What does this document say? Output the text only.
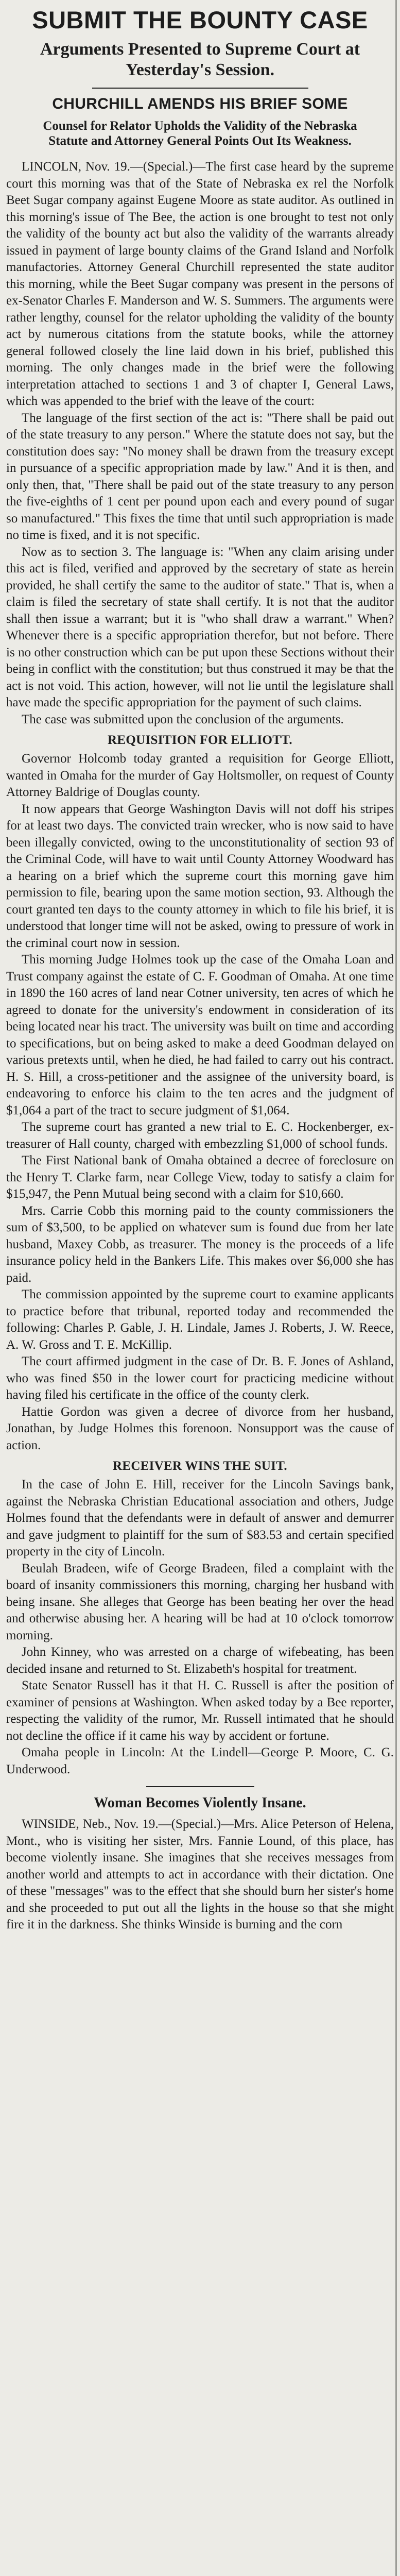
SUBMIT THE BOUNTY CASE
Arguments Presented to Supreme Court at Yesterday's Session.
CHURCHILL AMENDS HIS BRIEF SOME
Counsel for Relator Upholds the Validity of the Nebraska Statute and Attorney General Points Out Its Weakness.

LINCOLN, Nov. 19.—(Special.)—The first case heard by the supreme court this morning was that of the State of Nebraska ex rel the Norfolk Beet Sugar company against Eugene Moore as state auditor. As outlined in this morning's issue of The Bee, the action is one brought to test not only the validity of the bounty act but also the validity of the warrants already issued in payment of large bounty claims of the Grand Island and Norfolk manufactories. Attorney General Churchill represented the state auditor this morning, while the Beet Sugar company was present in the persons of ex-Senator Charles F. Manderson and W. S. Summers. The arguments were rather lengthy, counsel for the relator upholding the validity of the bounty act by numerous citations from the statute books, while the attorney general followed closely the line laid down in his brief, published this morning. The only changes made in the brief were the following interpretation attached to sections 1 and 3 of chapter I, General Laws, which was appended to the brief with the leave of the court:

The language of the first section of the act is: "There shall be paid out of the state treasury to any person." Where the statute does not say, but the constitution does say: "No money shall be drawn from the treasury except in pursuance of a specific appropriation made by law." And it is then, and only then, that, "There shall be paid out of the state treasury to any person the five-eighths of 1 cent per pound upon each and every pound of sugar so manufactured." This fixes the time that until such appropriation is made no time is fixed, and it is not specific.

Now as to section 3. The language is: "When any claim arising under this act is filed, verified and approved by the secretary of state as herein provided, he shall certify the same to the auditor of state." That is, when a claim is filed the secretary of state shall certify. It is not that the auditor shall then issue a warrant; but it is "who shall draw a warrant." When? Whenever there is a specific appropriation therefor, but not before. There is no other construction which can be put upon these Sections without their being in conflict with the constitution; but thus construed it may be that the act is not void. This action, however, will not lie until the legislature shall have made the specific appropriation for the payment of such claims.

The case was submitted upon the conclusion of the arguments.

REQUISITION FOR ELLIOTT.

Governor Holcomb today granted a requisition for George Elliott, wanted in Omaha for the murder of Gay Holtsmoller, on request of County Attorney Baldrige of Douglas county.

It now appears that George Washington Davis will not doff his stripes for at least two days. The convicted train wrecker, who is now said to have been illegally convicted, owing to the unconstitutionality of section 93 of the Criminal Code, will have to wait until County Attorney Woodward has a hearing on a brief which the supreme court this morning gave him permission to file, bearing upon the same motion section, 93. Although the court granted ten days to the county attorney in which to file his brief, it is understood that longer time will not be asked, owing to pressure of work in the criminal court now in session.

This morning Judge Holmes took up the case of the Omaha Loan and Trust company against the estate of C. F. Goodman of Omaha. At one time in 1890 the 160 acres of land near Cotner university, ten acres of which he agreed to donate for the university's endowment in consideration of its being located near his tract. The university was built on time and according to specifications, but on being asked to make a deed Goodman delayed on various pretexts until, when he died, he had failed to carry out his contract. H. S. Hill, a cross-petitioner and the assignee of the university board, is endeavoring to enforce his claim to the ten acres and the judgment of $1,064 a part of the tract to secure judgment of $1,064.

The supreme court has granted a new trial to E. C. Hockenberger, ex-treasurer of Hall county, charged with embezzling $1,000 of school funds.

The First National bank of Omaha obtained a decree of foreclosure on the Henry T. Clarke farm, near College View, today to satisfy a claim for $15,947, the Penn Mutual being second with a claim for $10,660.

Mrs. Carrie Cobb this morning paid to the county commissioners the sum of $3,500, to be applied on whatever sum is found due from her late husband, Maxey Cobb, as treasurer. The money is the proceeds of a life insurance policy held in the Bankers Life. This makes over $6,000 she has paid.

The commission appointed by the supreme court to examine applicants to practice before that tribunal, reported today and recommended the following: Charles P. Gable, J. H. Lindale, James J. Roberts, J. W. Reece, A. W. Gross and T. E. McKillip.

The court affirmed judgment in the case of Dr. B. F. Jones of Ashland, who was fined $50 in the lower court for practicing medicine without having filed his certificate in the office of the county clerk.

Hattie Gordon was given a decree of divorce from her husband, Jonathan, by Judge Holmes this forenoon. Nonsupport was the cause of action.

RECEIVER WINS THE SUIT.

In the case of John E. Hill, receiver for the Lincoln Savings bank, against the Nebraska Christian Educational association and others, Judge Holmes found that the defendants were in default of answer and demurrer and gave judgment to plaintiff for the sum of $83.53 and certain specified property in the city of Lincoln.

Beulah Bradeen, wife of George Bradeen, filed a complaint with the board of insanity commissioners this morning, charging her husband with being insane. She alleges that George has been beating her over the head and otherwise abusing her. A hearing will be had at 10 o'clock tomorrow morning.

John Kinney, who was arrested on a charge of wifebeating, has been decided insane and returned to St. Elizabeth's hospital for treatment.

State Senator Russell has it that H. C. Russell is after the position of examiner of pensions at Washington. When asked today by a Bee reporter, respecting the validity of the rumor, Mr. Russell intimated that he should not decline the office if it came his way by accident or fortune.

Omaha people in Lincoln: At the Lindell—George P. Moore, C. G. Underwood.

Woman Becomes Violently Insane.

WINSIDE, Neb., Nov. 19.—(Special.)—Mrs. Alice Peterson of Helena, Mont., who is visiting her sister, Mrs. Fannie Lound, of this place, has become violently insane. She imagines that she receives messages from another world and attempts to act in accordance with their dictation. One of these "messages" was to the effect that she should burn her sister's home and she proceeded to put out all the lights in the house so that she might fire it in the darkness. She thinks Winside is burning and the corn
